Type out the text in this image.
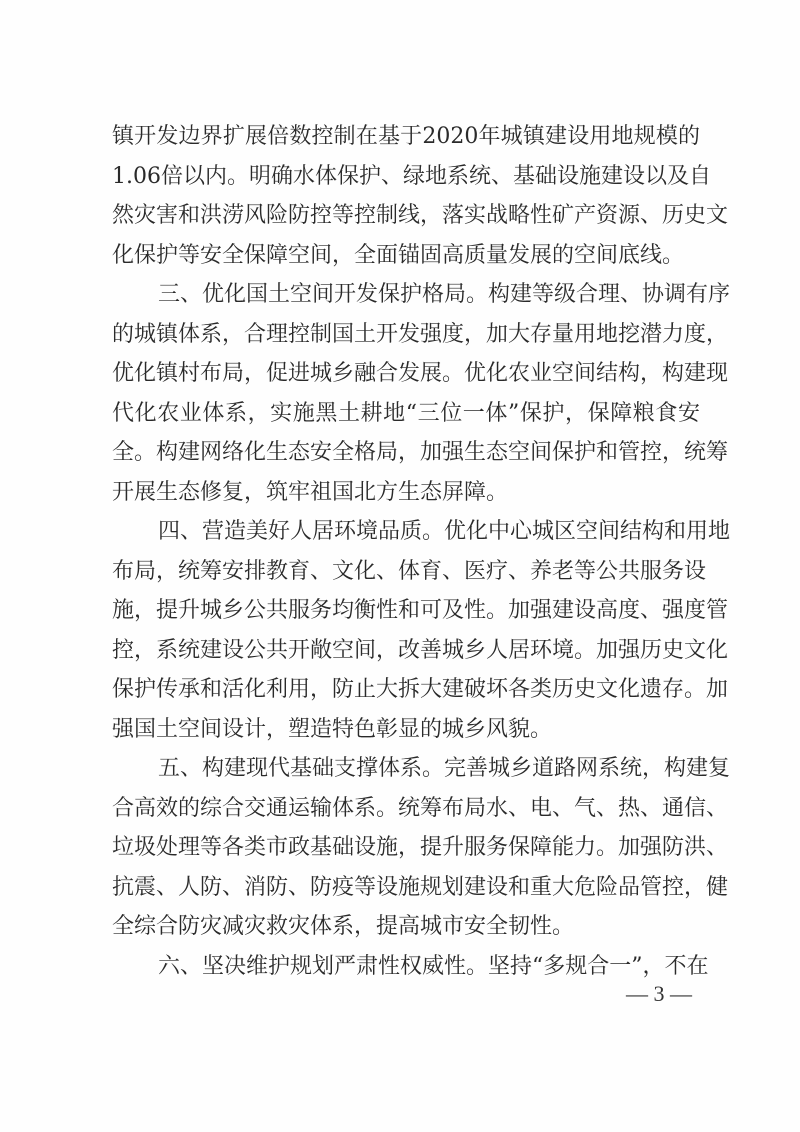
镇开发边界扩展倍数控制在基于2020年城镇建设用地规模的
1.06倍以内。明确水体保护、绿地系统、基础设施建设以及自
然灾害和洪涝风险防控等控制线，落实战略性矿产资源、历史文
化保护等安全保障空间，全面锚固高质量发展的空间底线。
三、优化国土空间开发保护格局。构建等级合理、协调有序
的城镇体系，合理控制国土开发强度，加大存量用地挖潜力度，
优化镇村布局，促进城乡融合发展。优化农业空间结构，构建现
代化农业体系，实施黑土耕地“三位一体”保护，保障粮食安
全。构建网络化生态安全格局，加强生态空间保护和管控，统筹
开展生态修复，筑牢祖国北方生态屏障。
四、营造美好人居环境品质。优化中心城区空间结构和用地
布局，统筹安排教育、文化、体育、医疗、养老等公共服务设
施，提升城乡公共服务均衡性和可及性。加强建设高度、强度管
控，系统建设公共开敞空间，改善城乡人居环境。加强历史文化
保护传承和活化利用，防止大拆大建破坏各类历史文化遗存。加
强国土空间设计，塑造特色彰显的城乡风貌。
五、构建现代基础支撑体系。完善城乡道路网系统，构建复
合高效的综合交通运输体系。统筹布局水、电、气、热、通信、
垃圾处理等各类市政基础设施，提升服务保障能力。加强防洪、
抗震、人防、消防、防疫等设施规划建设和重大危险品管控，健
全综合防灾减灾救灾体系，提高城市安全韧性。
六、坚决维护规划严肃性权威性。坚持“多规合一”，不在
— 3 —
